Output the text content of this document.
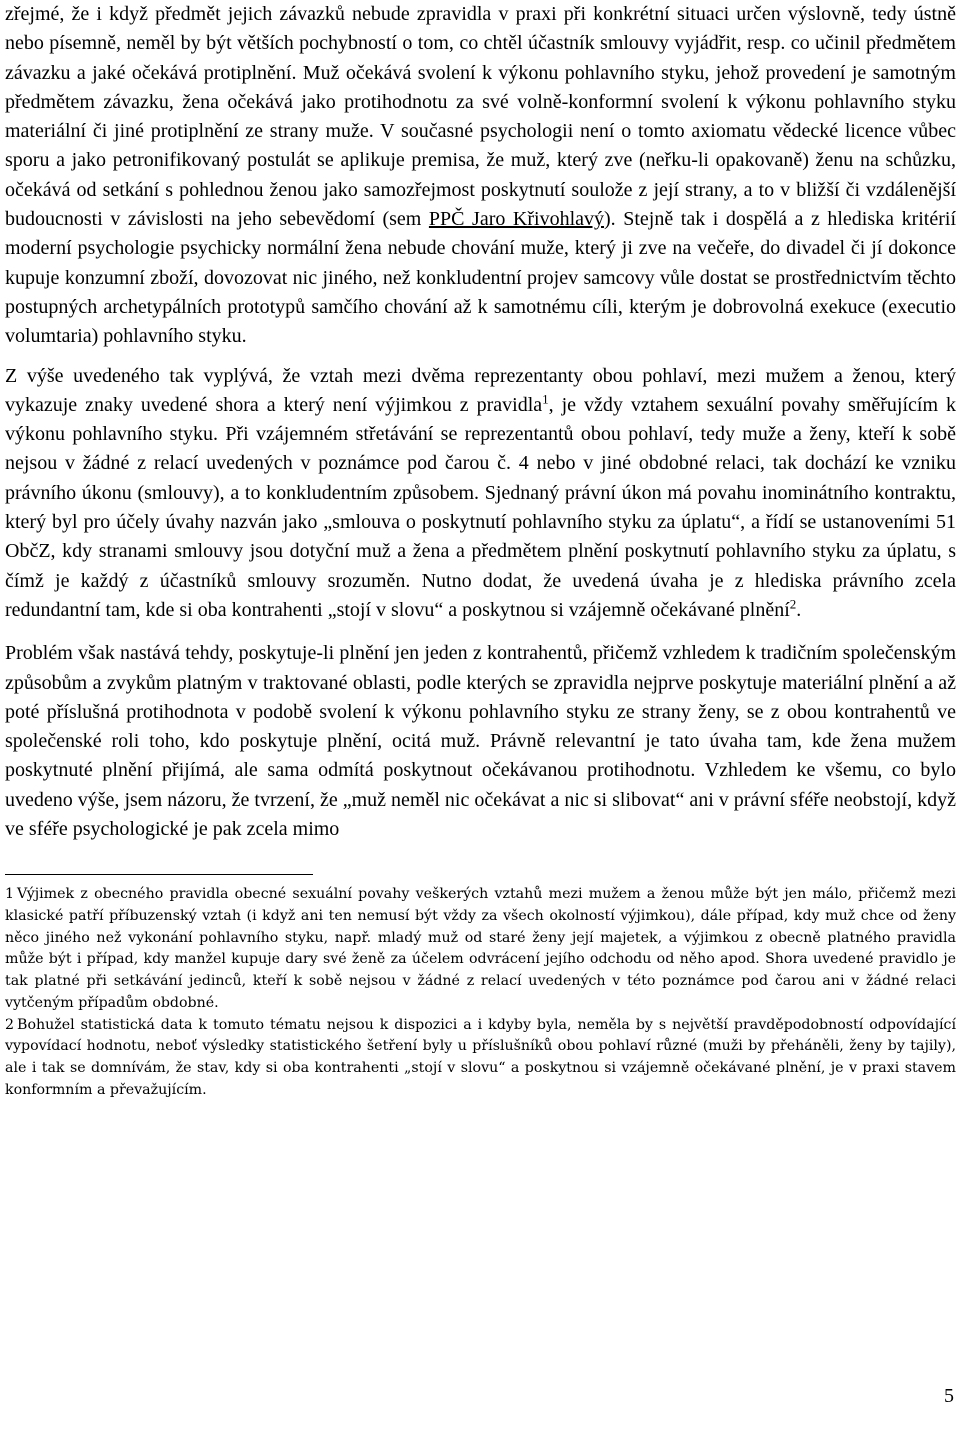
zřejmé, že i když předmět jejich závazků nebude zpravidla v praxi při konkrétní situaci určen výslovně, tedy ústně nebo písemně, neměl by být větších pochybností o tom, co chtěl účastník smlouvy vyjádřit, resp. co učinil předmětem závazku a jaké očekává protiplnění. Muž očekává svolení k výkonu pohlavního styku, jehož provedení je samotným předmětem závazku, žena očekává jako protihodnotu za své volně-konformní svolení k výkonu pohlavního styku materiální či jiné protiplnění ze strany muže. V současné psychologii není o tomto axiomatu vědecké licence vůbec sporu a jako petronifikovaný postulát se aplikuje premisa, že muž, který zve (neřku-li opakovaně) ženu na schůzku, očekává od setkání s pohlednou ženou jako samozřejmost poskytnutí soulože z její strany, a to v bližší či vzdálenější budoucnosti v závislosti na jeho sebevědomí (sem PPČ Jaro Křivohlavý). Stejně tak i dospělá a z hlediska kritérií moderní psychologie psychicky normální žena nebude chování muže, který ji zve na večeře, do divadel či jí dokonce kupuje konzumní zboží, dovozovat nic jiného, než konkludentní projev samcovy vůle dostat se prostřednictvím těchto postupných archetypálních prototypů samčího chování až k samotnému cíli, kterým je dobrovolná exekuce (executio volumtaria) pohlavního styku.

Z výše uvedeného tak vyplývá, že vztah mezi dvěma reprezentanty obou pohlaví, mezi mužem a ženou, který vykazuje znaky uvedené shora a který není výjimkou z pravidla$^1$, je vždy vztahem sexuální povahy směřujícím k výkonu pohlavního styku. Při vzájemném střetávání se reprezentantů obou pohlaví, tedy muže a ženy, kteří k sobě nejsou v žádné z relací uvedených v poznámce pod čarou č. 4 nebo v jiné obdobné relaci, tak dochází ke vzniku právního úkonu (smlouvy), a to konkludentním způsobem. Sjednaný právní úkon má povahu inominátního kontraktu, který byl pro účely úvahy nazván jako „smlouva o poskytnutí pohlavního styku za úplatu“, a řídí se ustanoveními 51 ObčZ, kdy stranami smlouvy jsou dotyční muž a žena a předmětem plnění poskytnutí pohlavního styku za úplatu, s čímž je každý z účastníků smlouvy srozuměn. Nutno dodat, že uvedená úvaha je z hlediska právního zcela redundantní tam, kde si oba kontrahenti „stojí v slovu“ a poskytnou si vzájemně očekávané plnění$^2$.

Problém však nastává tehdy, poskytuje-li plnění jen jeden z kontrahentů, přičemž vzhledem k tradičním společenským způsobům a zvykům platným v traktované oblasti, podle kterých se zpravidla nejprve poskytuje materiální plnění a až poté příslušná protihodnota v podobě svolení k výkonu pohlavního styku ze strany ženy, se z obou kontrahentů ve společenské roli toho, kdo poskytuje plnění, ocitá muž. Právně relevantní je tato úvaha tam, kde žena mužem poskytnuté plnění přijímá, ale sama odmítá poskytnout očekávanou protihodnotu. Vzhledem ke všemu, co bylo uvedeno výše, jsem názoru, že tvrzení, že „muž neměl nic očekávat a nic si slibovat“ ani v právní sféře neobstojí, když ve sféře psychologické je pak zcela mimo

1 Výjimek z obecného pravidla obecné sexuální povahy veškerých vztahů mezi mužem a ženou může být jen málo, přičemž mezi klasické patří příbuzenský vztah (i když ani ten nemusí být vždy za všech okolností výjimkou), dále případ, kdy muž chce od ženy něco jiného než vykonání pohlavního styku, např. mladý muž od staré ženy její majetek, a výjimkou z obecně platného pravidla může být i případ, kdy manžel kupuje dary své ženě za účelem odvrácení jejího odchodu od něho apod. Shora uvedené pravidlo je tak platné při setkávání jedinců, kteří k sobě nejsou v žádné z relací uvedených v této poznámce pod čarou ani v žádné relaci vytčeným případům obdobné.

2 Bohužel statistická data k tomuto tématu nejsou k dispozici a i kdyby byla, neměla by s největší pravděpodobností odpovídající vypovídací hodnotu, neboť výsledky statistického šetření byly u příslušníků obou pohlaví různé (muži by přeháněli, ženy by tajily), ale i tak se domnívám, že stav, kdy si oba kontrahenti „stojí v slovu“ a poskytnou si vzájemně očekávané plnění, je v praxi stavem konformním a převažujícím.

5
